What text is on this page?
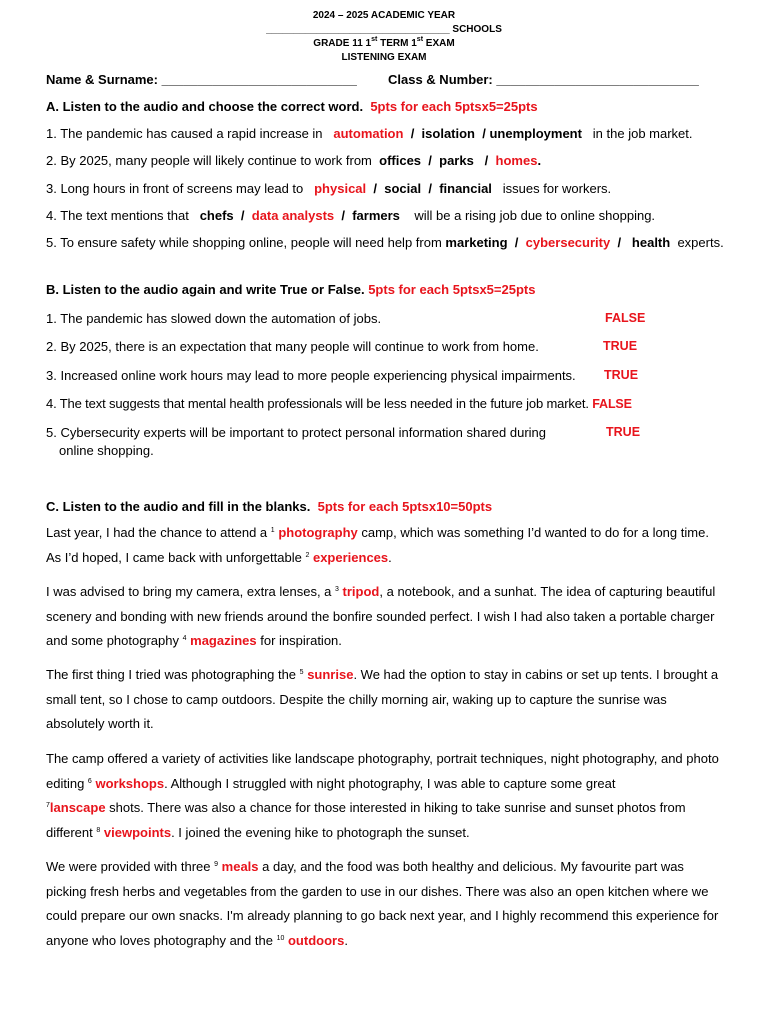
2024 – 2025 ACADEMIC YEAR
_________________________________ SCHOOLS
GRADE 11 1st TERM 1st EXAM
LISTENING EXAM
Name & Surname: ___________________________ Class & Number: ____________________________
A. Listen to the audio and choose the correct word. 5pts for each 5ptsx5=25pts
1. The pandemic has caused a rapid increase in automation / isolation / unemployment in the job market.
2. By 2025, many people will likely continue to work from offices / parks / homes.
3. Long hours in front of screens may lead to physical / social / financial issues for workers.
4. The text mentions that chefs / data analysts / farmers will be a rising job due to online shopping.
5. To ensure safety while shopping online, people will need help from marketing / cybersecurity / health experts.
B. Listen to the audio again and write True or False. 5pts for each 5ptsx5=25pts
1. The pandemic has slowed down the automation of jobs.	FALSE
2. By 2025, there is an expectation that many people will continue to work from home.	TRUE
3. Increased online work hours may lead to more people experiencing physical impairments. TRUE
4. The text suggests that mental health professionals will be less needed in the future job market. FALSE
5. Cybersecurity experts will be important to protect personal information shared during
online shopping.
TRUE
C. Listen to the audio and fill in the blanks. 5pts for each 5ptsx10=50pts
Last year, I had the chance to attend a $^1$ photography camp, which was something I’d wanted to do for a long time. As I’d hoped, I came back with unforgettable $^2$ experiences.
I was advised to bring my camera, extra lenses, a $^3$ tripod, a notebook, and a sunhat. The idea of capturing beautiful scenery and bonding with new friends around the bonfire sounded perfect. I wish I had also taken a portable charger and some photography $^4$ magazines for inspiration.
The first thing I tried was photographing the $^5$ sunrise. We had the option to stay in cabins or set up tents. I brought a small tent, so I chose to camp outdoors. Despite the chilly morning air, waking up to capture the sunrise was absolutely worth it.
The camp offered a variety of activities like landscape photography, portrait techniques, night photography, and photo editing $^6$ workshops. Although I struggled with night photography, I was able to capture some great
$^7$lanscape shots. There was also a chance for those interested in hiking to take sunrise and sunset photos from different $^8$ viewpoints. I joined the evening hike to photograph the sunset.
We were provided with three $^9$ meals a day, and the food was both healthy and delicious. My favourite part was picking fresh herbs and vegetables from the garden to use in our dishes. There was also an open kitchen where we could prepare our own snacks. I'm already planning to go back next year, and I highly recommend this experience for anyone who loves photography and the $^{10}$ outdoors.
